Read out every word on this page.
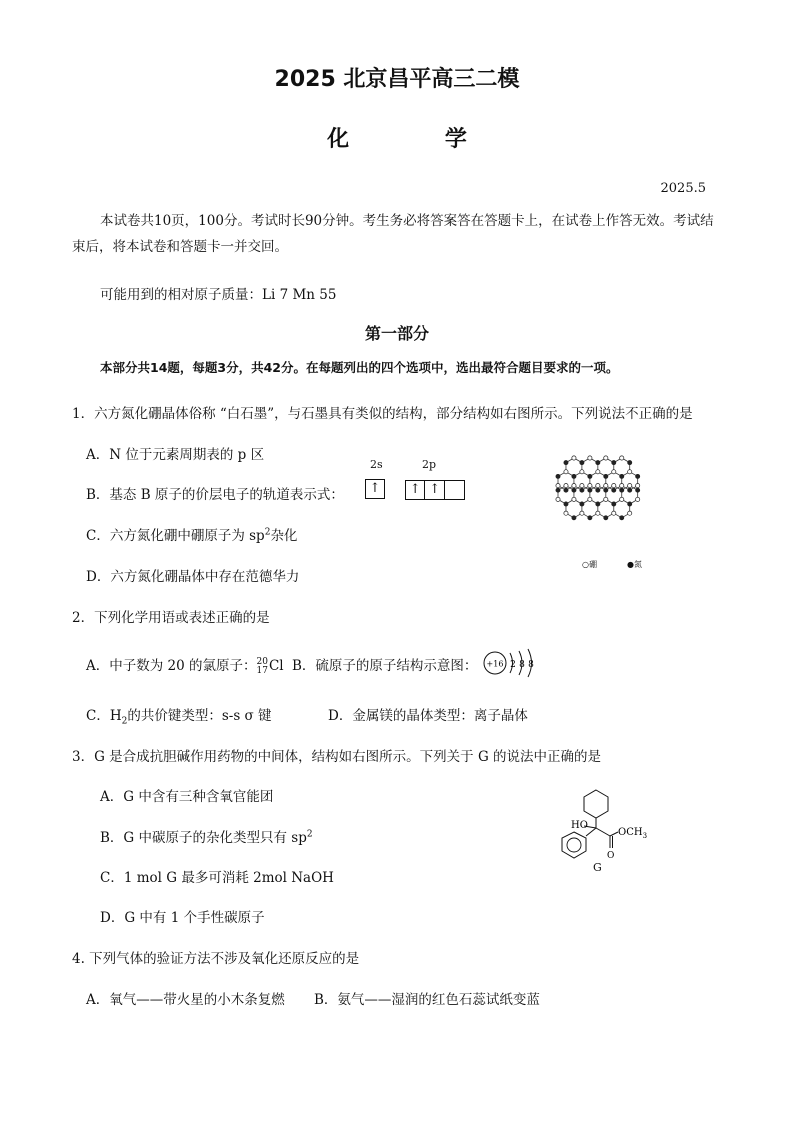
2025 北京昌平高三二模
化 学
2025.5
本试卷共10页，100分。考试时长90分钟。考生务必将答案答在答题卡上，在试卷上作答无效。考试结束后，将本试卷和答题卡一并交回。
可能用到的相对原子质量：Li 7 Mn 55
第一部分
本部分共14题，每题3分，共42分。在每题列出的四个选项中，选出最符合题目要求的一项。
1．六方氮化硼晶体俗称 “白石墨”，与石墨具有类似的结构，部分结构如右图所示。下列说法不正确的是
A．N 位于元素周期表的 p 区
2s	2p
B．基态 B 原子的价层电子的轨道表示式：	↑	↑ ↑
C．六方氮化硼中硼原子为 $sp^2$杂化
D．六方氮化硼晶体中存在范德华力
○硼	●氮
2．下列化学用语或表述正确的是
A．中子数为 20 的氯原子： 20
17 Cl B．硫原子的原子结构示意图： +16 2 8 8
C．$H_2$的共价键类型：s-s σ 键	D．金属镁的晶体类型：离子晶体
3．G 是合成抗胆碱作用药物的中间体，结构如右图所示。下列关于 G 的说法中正确的是
A．G 中含有三种含氧官能团
B．G 中碳原子的杂化类型只有 $sp^2$
C．1 mol G 最多可消耗 2mol NaOH
D．G 中有 1 个手性碳原子
HO
$OCH_3$
O
G
4. 下列气体的验证方法不涉及氧化还原反应的是
A．氧气——带火星的小木条复燃 B．氨气——湿润的红色石蕊试纸变蓝
